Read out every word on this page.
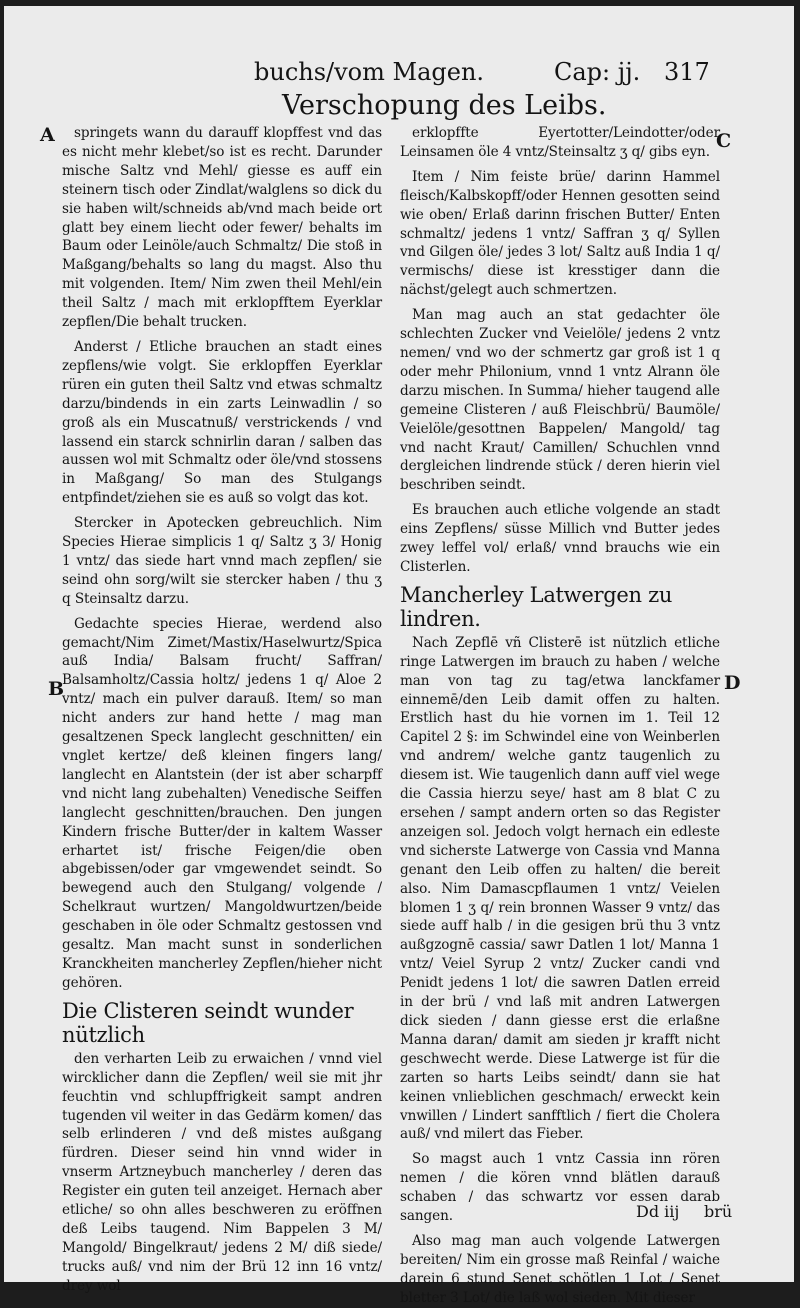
buchs/vom Magen.	Cap: jj. 317
Verschopung des Leibs.
A
B
C
D

springets wann du darauff klopffest vnd das es nicht mehr klebet/so ist es recht. Darunder mische Saltz vnd Mehl/ giesse es auff ein steinern tisch oder Zindlat/walglens so dick du sie haben wilt/schneids ab/vnd mach beide ort glatt bey einem liecht oder fewer/ behalts im Baum oder Leinöle/auch Schmaltz/ Die stoß in Maßgang/behalts so lang du magst. Also thu mit volgenden. Item/ Nim zwen theil Mehl/ein theil Saltz / mach mit erklopfftem Eyerklar zepflen/Die behalt trucken.

Anderst / Etliche brauchen an stadt eines zepflens/wie volgt. Sie erklopffen Eyerklar rüren ein guten theil Saltz vnd etwas schmaltz darzu/bindends in ein zarts Leinwadlin / so groß als ein Muscatnuß/ verstrickends / vnd lassend ein starck schnirlin daran / salben das aussen wol mit Schmaltz oder öle/vnd stossens in Maßgang/ So man des Stulgangs entpfindet/ziehen sie es auß so volgt das kot.

Stercker in Apotecken gebreuchlich. Nim Species Hierae simplicis 1 q/ Saltz ʒ 3/ Honig 1 vntz/ das siede hart vnnd mach zepflen/ sie seind ohn sorg/wilt sie stercker haben / thu ʒ q Steinsaltz darzu.

Gedachte species Hierae, werdend also gemacht/Nim Zimet/Mastix/Haselwurtz/Spica auß India/ Balsam frucht/ Saffran/ Balsamholtz/Cassia holtz/ jedens 1 q/ Aloe 2 vntz/ mach ein pulver darauß. Item/ so man nicht anders zur hand hette / mag man gesaltzenen Speck langlecht geschnitten/ ein vnglet kertze/ deß kleinen fingers lang/ langlecht en Alantstein (der ist aber scharpff vnd nicht lang zubehalten) Venedische Seiffen langlecht geschnitten/brauchen. Den jungen Kindern frische Butter/der in kaltem Wasser erhartet ist/ frische Feigen/die oben abgebissen/oder gar vmgewendet seindt. So bewegend auch den Stulgang/ volgende / Schelkraut wurtzen/ Mangoldwurtzen/beide geschaben in öle oder Schmaltz gestossen vnd gesaltz. Man macht sunst in sonderlichen Kranckheiten mancherley Zepflen/hieher nicht gehören.

Die Clisteren seindt wunder nützlich

den verharten Leib zu erwaichen / vnnd viel wircklicher dann die Zepflen/ weil sie mit jhr feuchtin vnd schlupffrigkeit sampt andren tugenden vil weiter in das Gedärm komen/ das selb erlinderen / vnd deß mistes außgang fürdren. Dieser seind hin vnnd wider in vnserm Artzneybuch mancherley / deren das Register ein guten teil anzeiget. Hernach aber etliche/ so ohn alles beschweren zu eröffnen deß Leibs taugend. Nim Bappelen 3 M/ Mangold/ Bingelkraut/ jedens 2 M/ diß siede/ trucks auß/ vnd nim der Brü 12 inn 16 vntz/ drey wol

erklopffte Eyertotter/Leindotter/oder Leinsamen öle 4 vntz/Steinsaltz ʒ q/ gibs eyn.

Item / Nim feiste brüe/ darinn Hammel fleisch/Kalbskopff/oder Hennen gesotten seind wie oben/ Erlaß darinn frischen Butter/ Enten schmaltz/ jedens 1 vntz/ Saffran ʒ q/ Syllen vnd Gilgen öle/ jedes 3 lot/ Saltz auß India 1 q/ vermischs/ diese ist kresstiger dann die nächst/gelegt auch schmertzen.

Man mag auch an stat gedachter öle schlechten Zucker vnd Veielöle/ jedens 2 vntz nemen/ vnd wo der schmertz gar groß ist 1 q oder mehr Philonium, vnnd 1 vntz Alrann öle darzu mischen. In Summa/ hieher taugend alle gemeine Clisteren / auß Fleischbrü/ Baumöle/ Veielöle/gesottnen Bappelen/ Mangold/ tag vnd nacht Kraut/ Camillen/ Schuchlen vnnd dergleichen lindrende stück / deren hierin viel beschriben seindt.

Es brauchen auch etliche volgende an stadt eins Zepflens/ süsse Millich vnd Butter jedes zwey leffel vol/ erlaß/ vnnd brauchs wie ein Clisterlen.

Mancherley Latwergen zu lindren.

Nach Zepflē vñ Clisterē ist nützlich etliche ringe Latwergen im brauch zu haben / welche man von tag zu tag/etwa lanckfamer einnemē/den Leib damit offen zu halten. Erstlich hast du hie vornen im 1. Teil 12 Capitel 2 §: im Schwindel eine von Weinberlen vnd andrem/ welche gantz taugenlich zu diesem ist. Wie taugenlich dann auff viel wege die Cassia hierzu seye/ hast am 8 blat C zu ersehen / sampt andern orten so das Register anzeigen sol. Jedoch volgt hernach ein edleste vnd sicherste Latwerge von Cassia vnd Manna genant den Leib offen zu halten/ die bereit also. Nim Damascpflaumen 1 vntz/ Veielen blomen 1 ʒ q/ rein bronnen Wasser 9 vntz/ das siede auff halb / in die gesigen brü thu 3 vntz außgzognē cassia/ sawr Datlen 1 lot/ Manna 1 vntz/ Veiel Syrup 2 vntz/ Zucker candi vnd Penidt jedens 1 lot/ die sawren Datlen erreid in der brü / vnd laß mit andren Latwergen dick sieden / dann giesse erst die erlaßne Manna daran/ damit am sieden jr krafft nicht geschwecht werde. Diese Latwerge ist für die zarten so harts Leibs seindt/ dann sie hat keinen vnlieblichen geschmach/ erweckt kein vnwillen / Lindert sanfftlich / fiert die Cholera auß/ vnd milert das Fieber.

So magst auch 1 vntz Cassia inn rören nemen / die kören vnnd blätlen darauß schaben / das schwartz vor essen darab sangen.

Also mag man auch volgende Latwergen bereiten/ Nim ein grosse maß Reinfal / waiche darein 6 stund Senet schötlen 1 Lot / Senet bletter 3 Lot/ die laß wol sieden. Mit dieser

Dd iij brü
